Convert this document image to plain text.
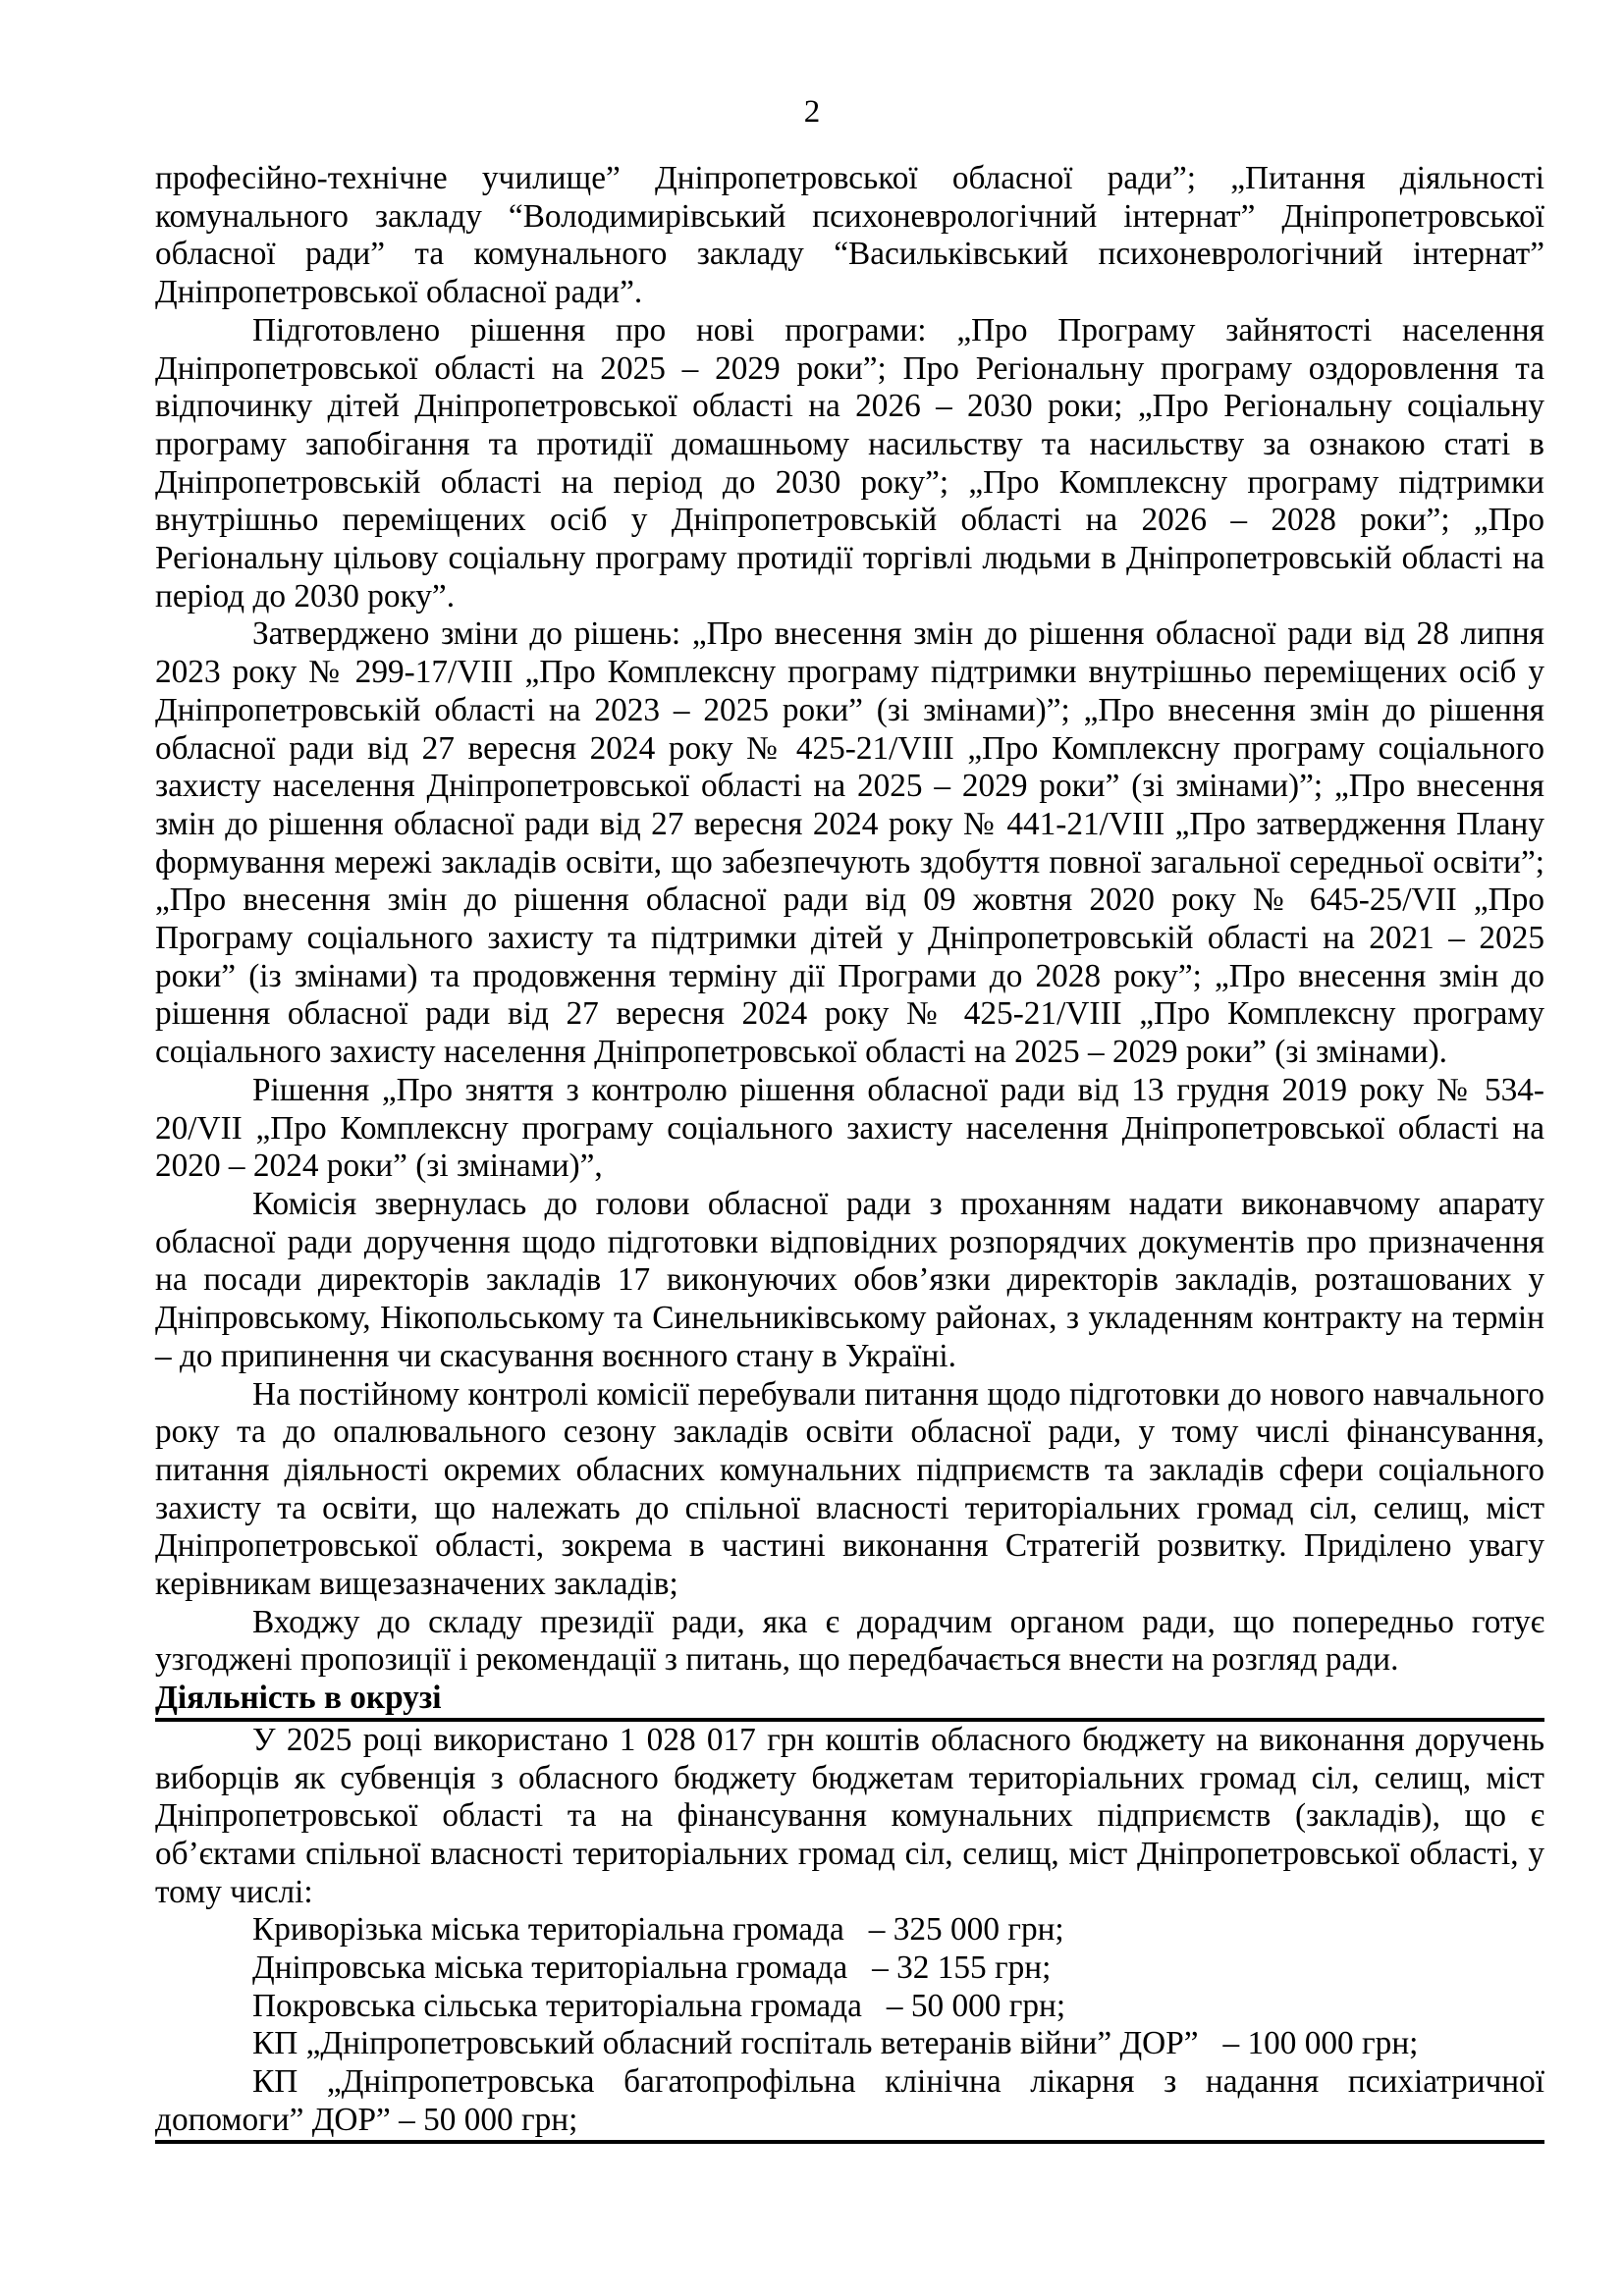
2

професійно-технічне училище” Дніпропетровської обласної ради”; „Питання діяльності комунального закладу “Володимирівський психоневрологічний інтернат” Дніпропетровської обласної ради” та комунального закладу “Васильківський психоневрологічний інтернат” Дніпропетровської обласної ради”.

Підготовлено рішення про нові програми: „Про Програму зайнятості населення Дніпропетровської області на 2025 – 2029 роки”; Про Регіональну програму оздоровлення та відпочинку дітей Дніпропетровської області на 2026 – 2030 роки; „Про Регіональну соціальну програму запобігання та протидії домашньому насильству та насильству за ознакою статі в Дніпропетровській області на період до 2030 року”; „Про Комплексну програму підтримки внутрішньо переміщених осіб у Дніпропетровській області на 2026 – 2028 роки”; „Про Регіональну цільову соціальну програму протидії торгівлі людьми в Дніпропетровській області на період до 2030 року”.

Затверджено зміни до рішень: „Про внесення змін до рішення обласної ради від 28 липня 2023 року № 299-17/VIII „Про Комплексну програму підтримки внутрішньо переміщених осіб у Дніпропетровській області на 2023 – 2025 роки” (зі змінами)”; „Про внесення змін до рішення обласної ради від 27 вересня 2024 року № 425-21/VIII „Про Комплексну програму соціального захисту населення Дніпропетровської області на 2025 – 2029 роки” (зі змінами)”; „Про внесення змін до рішення обласної ради від 27 вересня 2024 року № 441-21/VIII „Про затвердження Плану формування мережі закладів освіти, що забезпечують здобуття повної загальної середньої освіти”; „Про внесення змін до рішення обласної ради від 09 жовтня 2020 року № 645-25/VII „Про Програму соціального захисту та підтримки дітей у Дніпропетровській області на 2021 – 2025 роки” (із змінами) та продовження терміну дії Програми до 2028 року”; „Про внесення змін до рішення обласної ради від 27 вересня 2024 року № 425-21/VIII „Про Комплексну програму соціального захисту населення Дніпропетровської області на 2025 – 2029 роки” (зі змінами).

Рішення „Про зняття з контролю рішення обласної ради від 13 грудня 2019 року № 534-20/VII „Про Комплексну програму соціального захисту населення Дніпропетровської області на 2020 – 2024 роки” (зі змінами)”,

Комісія звернулась до голови обласної ради з проханням надати виконавчому апарату обласної ради доручення щодо підготовки відповідних розпорядчих документів про призначення на посади директорів закладів 17 виконуючих обов’язки директорів закладів, розташованих у Дніпровському, Нікопольському та Синельниківському районах, з укладенням контракту на термін – до припинення чи скасування воєнного стану в Україні.

На постійному контролі комісії перебували питання щодо підготовки до нового навчального року та до опалювального сезону закладів освіти обласної ради, у тому числі фінансування, питання діяльності окремих обласних комунальних підприємств та закладів сфери соціального захисту та освіти, що належать до спільної власності територіальних громад сіл, селищ, міст Дніпропетровської області, зокрема в частині виконання Стратегій розвитку. Приділено увагу керівникам вищезазначених закладів;

Входжу до складу президії ради, яка є дорадчим органом ради, що попередньо готує узгоджені пропозиції і рекомендації з питань, що передбачається внести на розгляд ради.

Діяльність в окрузі

У 2025 році використано 1 028 017 грн коштів обласного бюджету на виконання доручень виборців як субвенція з обласного бюджету бюджетам територіальних громад сіл, селищ, міст Дніпропетровської області та на фінансування комунальних підприємств (закладів), що є об’єктами спільної власності територіальних громад сіл, селищ, міст Дніпропетровської області, у тому числі:

Криворізька міська територіальна громада   – 325 000 грн;

Дніпровська міська територіальна громада   – 32 155 грн;

Покровська сільська територіальна громада   – 50 000 грн;

КП „Дніпропетровський обласний госпіталь ветеранів війни” ДОР”   – 100 000 грн;

КП „Дніпропетровська багатопрофільна клінічна лікарня з надання психіатричної допомоги” ДОР” – 50 000 грн;
